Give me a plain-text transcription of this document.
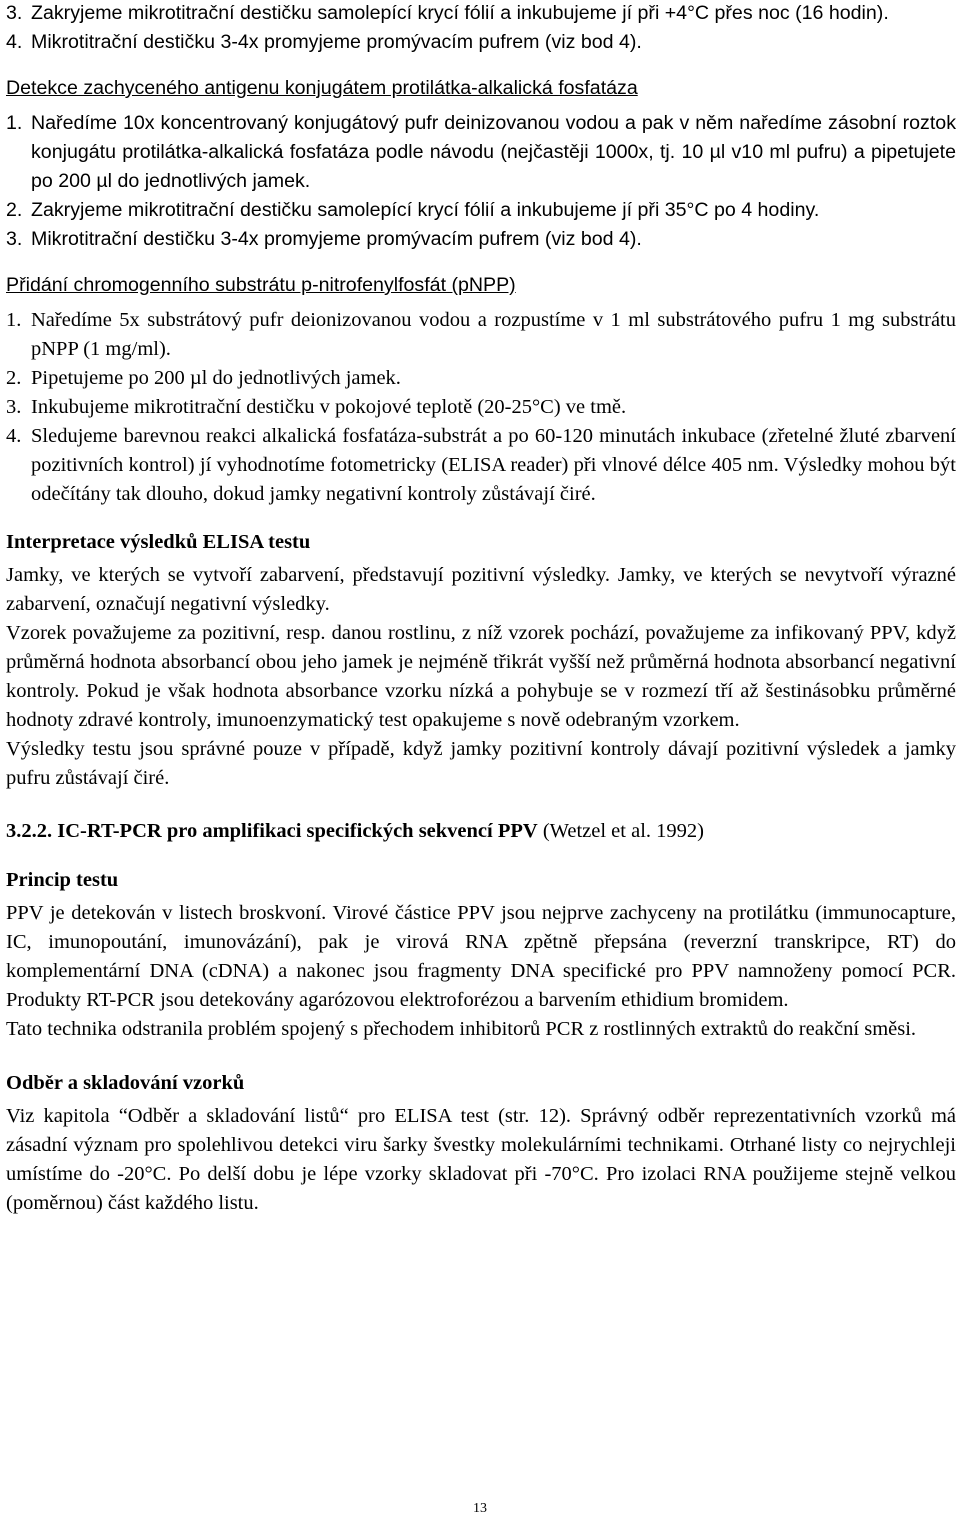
3. Zakryjeme mikrotitrační destičku samolepící krycí fólií a inkubujeme jí při +4°C přes noc (16 hodin).
4. Mikrotitrační destičku 3-4x promyjeme promývacím pufrem (viz bod 4).
Detekce zachyceného antigenu konjugátem protilátka-alkalická fosfatáza
1. Naředíme 10x koncentrovaný konjugátový pufr deinizovanou vodou a pak v něm naředíme zásobní roztok konjugátu protilátka-alkalická fosfatáza podle návodu (nejčastěji 1000x, tj. 10 µl v10 ml pufru) a pipetujete po 200 µl do jednotlivých jamek.
2. Zakryjeme mikrotitrační destičku samolepící krycí fólií a inkubujeme jí při 35°C po 4 hodiny.
3. Mikrotitrační destičku 3-4x promyjeme promývacím pufrem (viz bod 4).
Přidání chromogenního substrátu p-nitrofenylfosfát (pNPP)
1. Naředíme 5x substrátový pufr deionizovanou vodou a rozpustíme v 1 ml substrátového pufru 1 mg substrátu pNPP (1 mg/ml).
2. Pipetujeme po 200 µl do jednotlivých jamek.
3. Inkubujeme mikrotitrační destičku v pokojové teplotě (20-25°C) ve tmě.
4. Sledujeme barevnou reakci alkalická fosfatáza-substrát a po 60-120 minutách inkubace (zřetelné žluté zbarvení pozitivních kontrol) jí vyhodnotíme fotometricky (ELISA reader) při vlnové délce 405 nm. Výsledky mohou být odečítány tak dlouho, dokud jamky negativní kontroly zůstávají čiré.
Interpretace výsledků ELISA testu

Jamky, ve kterých se vytvoří zabarvení, představují pozitivní výsledky. Jamky, ve kterých se nevytvoří výrazné zabarvení, označují negativní výsledky.

Vzorek považujeme za pozitivní, resp. danou rostlinu, z níž vzorek pochází, považujeme za infikovaný PPV, když průměrná hodnota absorbancí obou jeho jamek je nejméně třikrát vyšší než průměrná hodnota absorbancí negativní kontroly. Pokud je však hodnota absorbance vzorku nízká a pohybuje se v rozmezí tří až šestinásobku průměrné hodnoty zdravé kontroly, imunoenzymatický test opakujeme s nově odebraným vzorkem.

Výsledky testu jsou správné pouze v případě, když jamky pozitivní kontroly dávají pozitivní výsledek a jamky pufru zůstávají čiré.

3.2.2. IC-RT-PCR pro amplifikaci specifických sekvencí PPV (Wetzel et al. 1992)
Princip testu

PPV je detekován v listech broskvoní. Virové částice PPV jsou nejprve zachyceny na protilátku (immunocapture, IC, imunopoutání, imunovázání), pak je virová RNA zpětně přepsána (reverzní transkripce, RT) do komplementární DNA (cDNA) a nakonec jsou fragmenty DNA specifické pro PPV namnoženy pomocí PCR. Produkty RT-PCR jsou detekovány agarózovou elektroforézou a barvením ethidium bromidem.

Tato technika odstranila problém spojený s přechodem inhibitorů PCR z rostlinných extraktů do reakční směsi.

Odběr a skladování vzorků

Viz kapitola “Odběr a skladování listů“ pro ELISA test (str. 12). Správný odběr reprezentativních vzorků má zásadní význam pro spolehlivou detekci viru šarky švestky molekulárními technikami. Otrhané listy co nejrychleji umístíme do -20°C. Po delší dobu je lépe vzorky skladovat při -70°C. Pro izolaci RNA použijeme stejně velkou (poměrnou) část každého listu.

13
